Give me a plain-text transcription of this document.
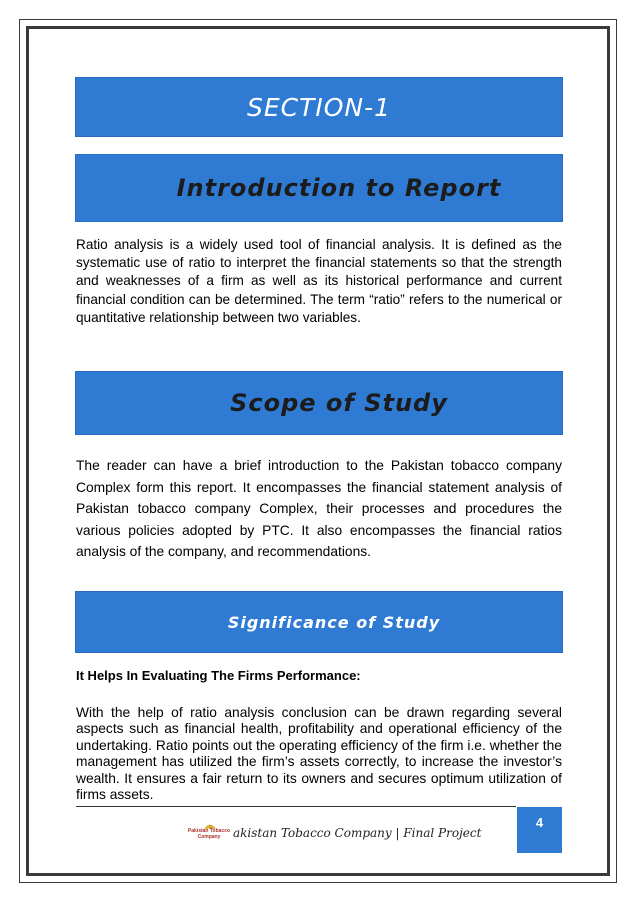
SECTION-1
Introduction to Report

Ratio analysis is a widely used tool of financial analysis. It is defined as the systematic use of ratio to interpret the financial statements so that the strength and weaknesses of a firm as well as its historical performance and current financial condition can be determined. The term “ratio” refers to the numerical or quantitative relationship between two variables.

Scope of Study

The reader can have a brief introduction to the Pakistan tobacco company Complex form this report. It encompasses the financial statement analysis of Pakistan tobacco company Complex, their processes and procedures the various policies adopted by PTC. It also encompasses the financial ratios analysis of the company, and recommendations.

Significance of Study

It Helps In Evaluating The Firms Performance:

With the help of ratio analysis conclusion can be drawn regarding several aspects such as financial health, profitability and operational efficiency of the undertaking. Ratio points out the operating efficiency of the firm i.e. whether the management has utilized the firm’s assets correctly, to increase the investor’s wealth. It ensures a fair return to its owners and secures optimum utilization of firms assets.

Pakistan Tobacco Company	akistan Tobacco Company | Final Project
4
